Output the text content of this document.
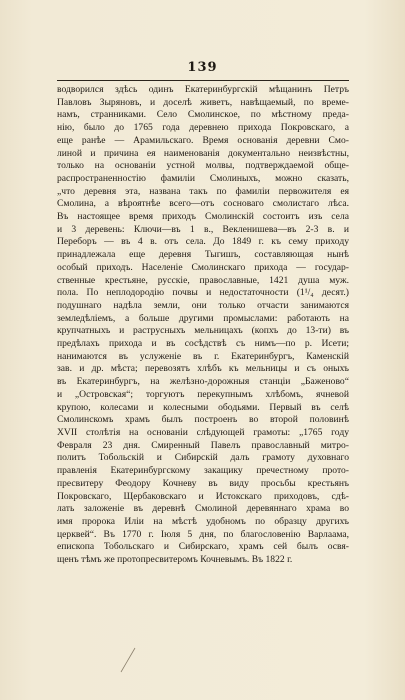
139
водворился здѣсь одинъ Екатеринбургскій мѣщанинъ Петръ
Павловъ Зыряновъ, и доселѣ живетъ, навѣщаемый, по време-
намъ, странниками. Село Смолинское, по мѣстному преда-
нію, было до 1765 года деревнею прихода Покровскаго, а
еще ранѣе — Арамильскаго. Время основанія деревни Смо-
линой и причина ея наименованія документально неизвѣстны,
только на основаніи устной молвы, подтверждаемой обще-
распространенностію фамиліи Смолиныхъ, можно сказать,
„что деревня эта, названа такъ по фамиліи первожителя ея
Смолина, а вѣроятнѣе всего—отъ сосноваго смолистаго лѣса.
Въ настоящее время приходъ Смолинскій состоитъ изъ села
и 3 деревень: Ключи—въ 1 в., Векленишева—въ 2-3 в. и
Переборъ — въ 4 в. отъ села. До 1849 г. къ сему приходу
принадлежала еще деревня Тыгишъ, составляющая нынѣ
особый приходъ. Населеніе Смолинскаго прихода — государ-
ственные крестьяне, русскіе, православные, 1421 душа муж.
пола. По неплодородію почвы и недостаточности (1¹/₄ десят.)
подушнаго надѣла земли, они только отчасти занимаются
земледѣліемъ, а больше другими промыслами: работають на
крупчатныхъ и раструсныхъ мельницахъ (копхъ до 13-ти) въ
предѣлахъ прихода и въ сосѣдствѣ съ нимъ—по р. Исети;
нанимаются въ услуженіе въ г. Екатеринбургъ, Каменскій
зав. и др. мѣста; перевозятъ хлѣбъ къ мельницы и съ оныхъ
въ Екатеринбургъ, на желѣзно-дорожныя станціи „Баженово“
и „Островская“; торгуютъ перекупнымъ хлѣбомъ, ячневой
крупою, колесами и колесными ободьями. Первый въ селѣ
Смолинскомъ храмъ былъ построенъ во второй половинѣ
XVII столѣтія на основаніи слѣдующей грамоты: „1765 году
Февраля 23 дня. Смиренный Павелъ православный митро-
политъ Тобольскій и Сибирскій далъ грамоту духовнаго
правленія Екатеринбургскому закащику пречестному прото-
пресвитеру Феодору Кочневу въ виду просьбы крестьянъ
Покровскаго, Щербаковскаго и Истокскаго приходовъ, сдѣ-
лать заложеніе въ деревнѣ Смолиной деревяннаго храма во
имя пророка Иліи на мѣстѣ удобномъ по образцу другихъ
церквей“. Въ 1770 г. Іюля 5 дня, по благословенію Варлаама,
епископа Тобольскаго и Сибирскаго, храмъ сей былъ освя-
щенъ тѣмъ же протопресвитеромъ Кочневымъ. Въ 1822 г.
